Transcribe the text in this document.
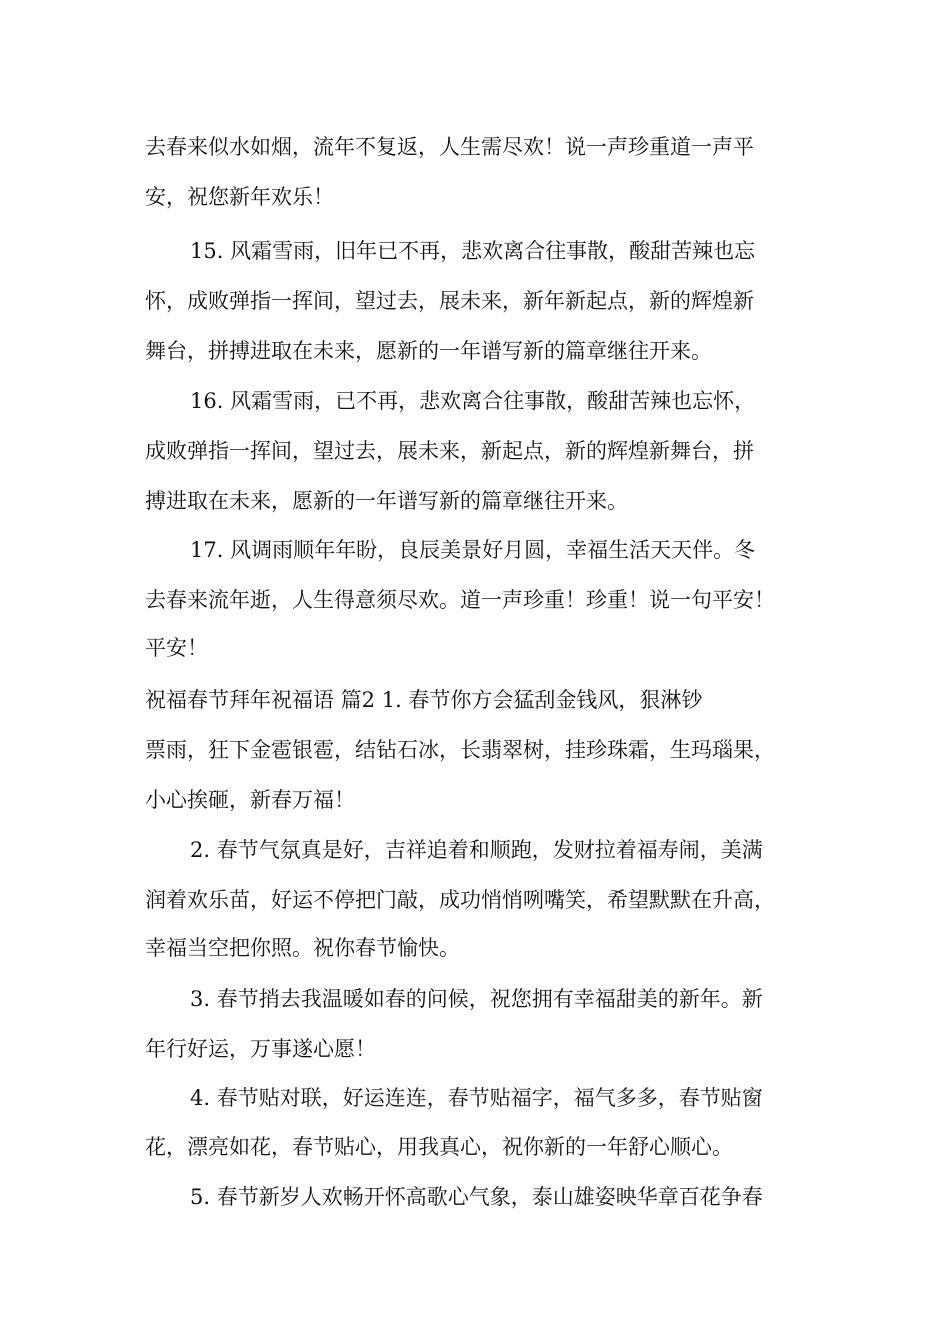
去春来似水如烟，流年不复返，人生需尽欢！说一声珍重道一声平
安，祝您新年欢乐！
15. 风霜雪雨，旧年已不再，悲欢离合往事散，酸甜苦辣也忘
怀，成败弹指一挥间，望过去，展未来，新年新起点，新的辉煌新
舞台，拼搏进取在未来，愿新的一年谱写新的篇章继往开来。
16. 风霜雪雨，已不再，悲欢离合往事散，酸甜苦辣也忘怀，
成败弹指一挥间，望过去，展未来，新起点，新的辉煌新舞台，拼
搏进取在未来，愿新的一年谱写新的篇章继往开来。
17. 风调雨顺年年盼，良辰美景好月圆，幸福生活天天伴。冬
去春来流年逝，人生得意须尽欢。道一声珍重！珍重！说一句平安！
平安！
祝福春节拜年祝福语 篇2 1. 春节你方会猛刮金钱风，狠淋钞
票雨，狂下金雹银雹，结钻石冰，长翡翠树，挂珍珠霜，生玛瑙果，
小心挨砸，新春万福！
2. 春节气氛真是好，吉祥追着和顺跑，发财拉着福寿闹，美满
润着欢乐苗，好运不停把门敲，成功悄悄咧嘴笑，希望默默在升高，
幸福当空把你照。祝你春节愉快。
3. 春节捎去我温暖如春的问候，祝您拥有幸福甜美的新年。新
年行好运，万事遂心愿！
4. 春节贴对联，好运连连，春节贴福字，福气多多，春节贴窗
花，漂亮如花，春节贴心，用我真心，祝你新的一年舒心顺心。
5. 春节新岁人欢畅开怀高歌心气象，泰山雄姿映华章百花争春
